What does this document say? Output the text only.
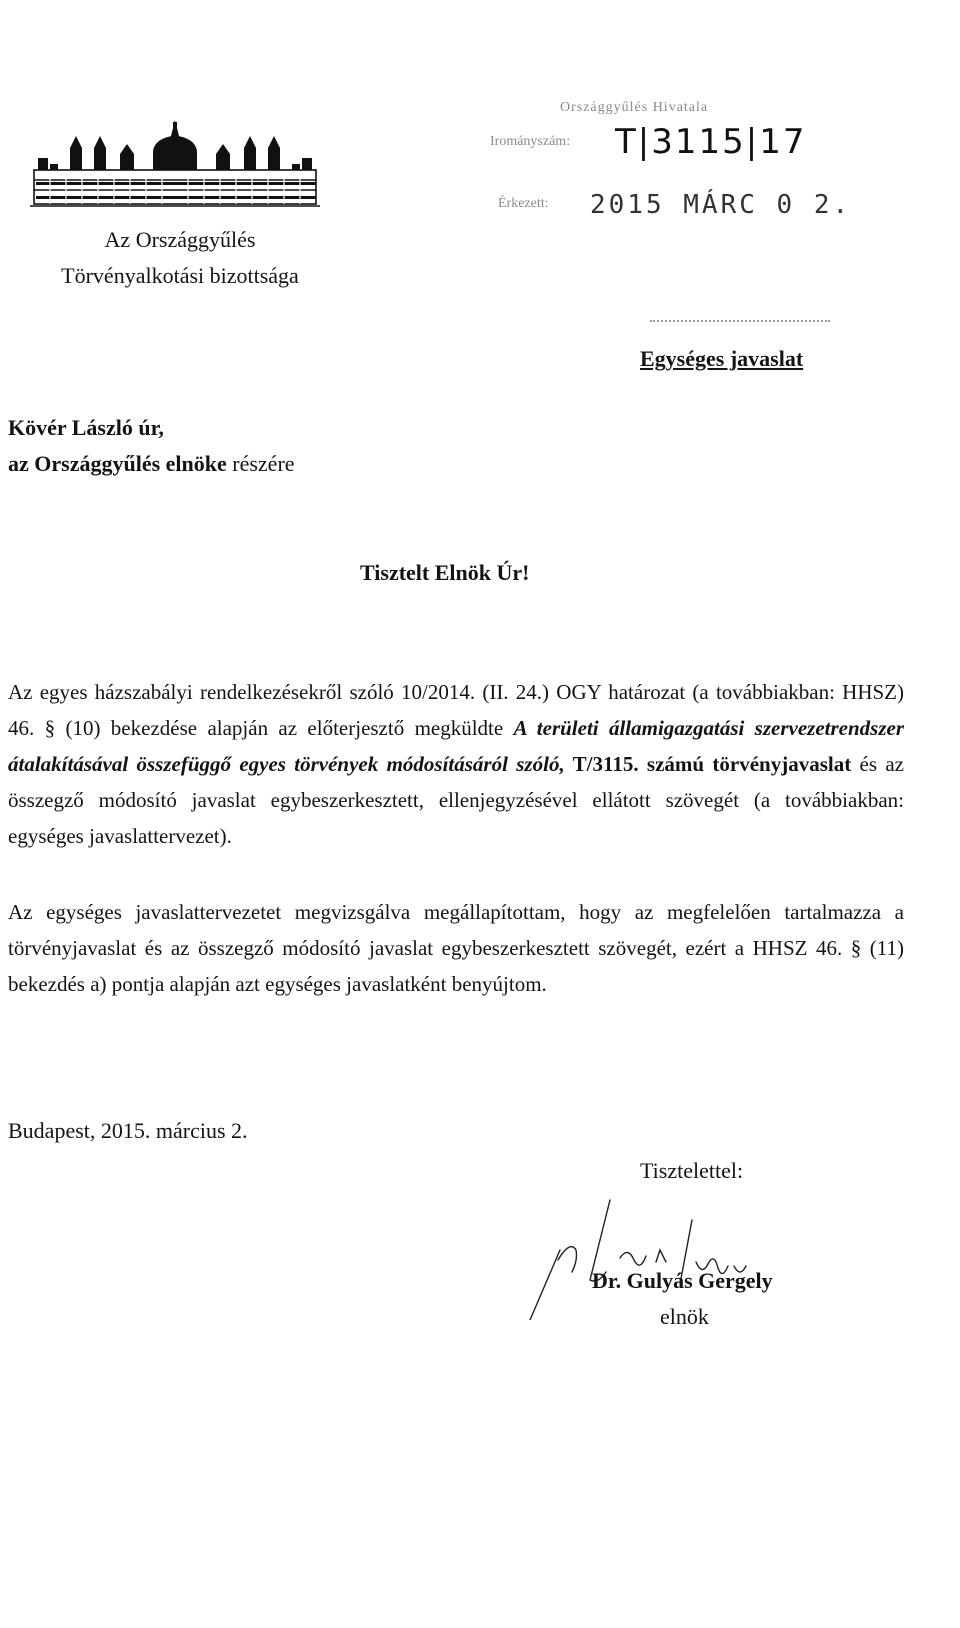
Az Országgyűlés
Törvényalkotási bizottsága
Országgyűlés Hivatala
Irományszám: T|3115|17
Érkezett: 2015 MÁRC 0 2.
Egységes javaslat
Kövér László úr,
az Országgyűlés elnöke részére
Tisztelt Elnök Úr!
Az egyes házszabályi rendelkezésekről szóló 10/2014. (II. 24.) OGY határozat (a továbbiakban: HHSZ) 46. § (10) bekezdése alapján az előterjesztő megküldte A területi államigazgatási szervezetrendszer átalakításával összefüggő egyes törvények módosításáról szóló, T/3115. számú törvényjavaslat és az összegző módosító javaslat egybeszerkesztett, ellenjegyzésével ellátott szövegét (a továbbiakban: egységes javaslattervezet).
Az egységes javaslattervezetet megvizsgálva megállapítottam, hogy az megfelelően tartalmazza a törvényjavaslat és az összegző módosító javaslat egybeszerkesztett szövegét, ezért a HHSZ 46. § (11) bekezdés a) pontja alapján azt egységes javaslatként benyújtom.
Budapest, 2015. március 2.
Tisztelettel:
Dr. Gulyás Gergely
elnök
